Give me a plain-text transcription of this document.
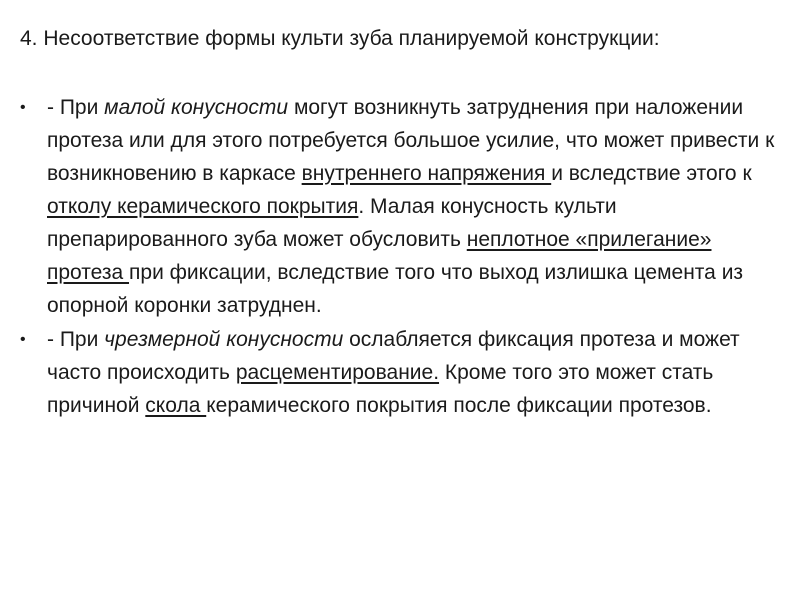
4. Несоответствие формы культи зуба планируемой конструкции:

• - При малой конусности могут возникнуть затруднения при наложении протеза или для этого потребуется большое усилие, что может привести к возникновению в каркасе внутреннего напряжения и вследствие этого к отколу керамического покрытия. Малая конусность культи препарированного зуба может обусловить неплотное «прилегание» протеза при фиксации, вследствие того что выход излишка цемента из опорной коронки затруднен.
• - При чрезмерной конусности ослабляется фиксация протеза и может часто происходить расцементирование. Кроме того это может стать причиной скола керамического покрытия после фиксации протезов.
